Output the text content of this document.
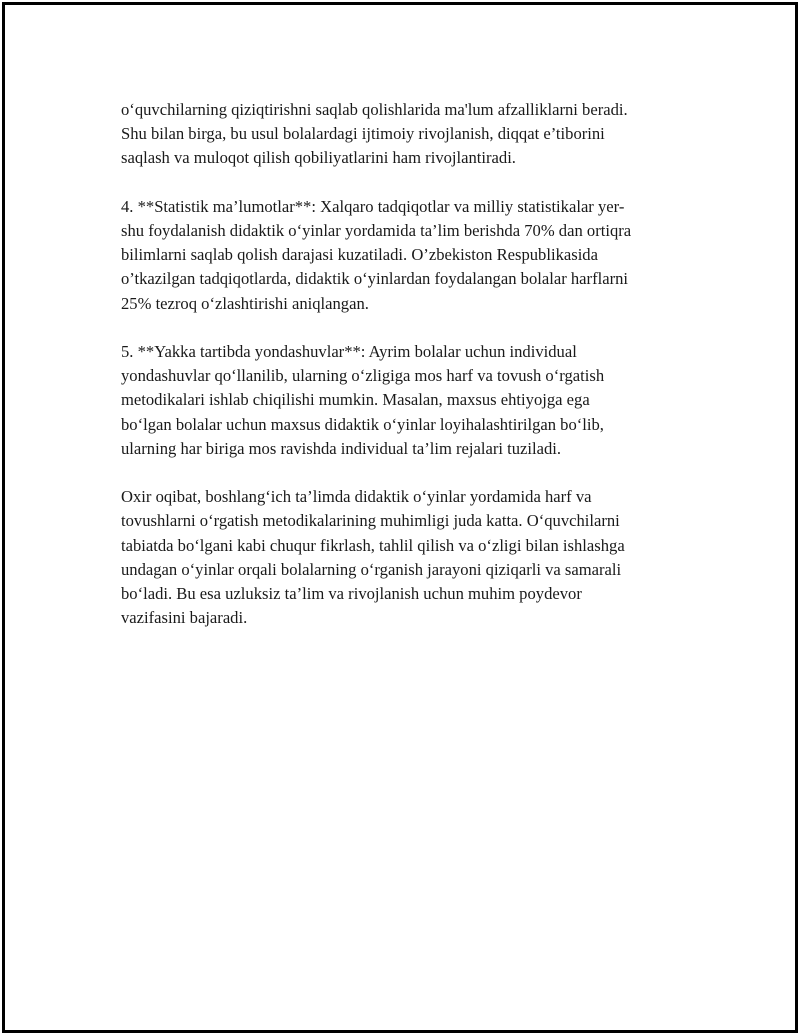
o‘quvchilarning qiziqtirishni saqlab qolishlarida ma'lum afzalliklarni beradi.
Shu bilan birga, bu usul bolalardagi ijtimoiy rivojlanish, diqqat e’tiborini
saqlash va muloqot qilish qobiliyatlarini ham rivojlantiradi.

4. **Statistik ma’lumotlar**: Xalqaro tadqiqotlar va milliy statistikalar yer-
shu foydalanish didaktik o‘yinlar yordamida ta’lim berishda 70% dan ortiqra
bilimlarni saqlab qolish darajasi kuzatiladi. O’zbekiston Respublikasida
o’tkazilgan tadqiqotlarda, didaktik o‘yinlardan foydalangan bolalar harflarni
25% tezroq o‘zlashtirishi aniqlangan.

5. **Yakka tartibda yondashuvlar**: Ayrim bolalar uchun individual
yondashuvlar qo‘llanilib, ularning o‘zligiga mos harf va tovush o‘rgatish
metodikalari ishlab chiqilishi mumkin. Masalan, maxsus ehtiyojga ega
bo‘lgan bolalar uchun maxsus didaktik o‘yinlar loyihalashtirilgan bo‘lib,
ularning har biriga mos ravishda individual ta’lim rejalari tuziladi.

Oxir oqibat, boshlang‘ich ta’limda didaktik o‘yinlar yordamida harf va
tovushlarni o‘rgatish metodikalarining muhimligi juda katta. O‘quvchilarni
tabiatda bo‘lgani kabi chuqur fikrlash, tahlil qilish va o‘zligi bilan ishlashga
undagan o‘yinlar orqali bolalarning o‘rganish jarayoni qiziqarli va samarali
bo‘ladi. Bu esa uzluksiz ta’lim va rivojlanish uchun muhim poydevor
vazifasini bajaradi.
